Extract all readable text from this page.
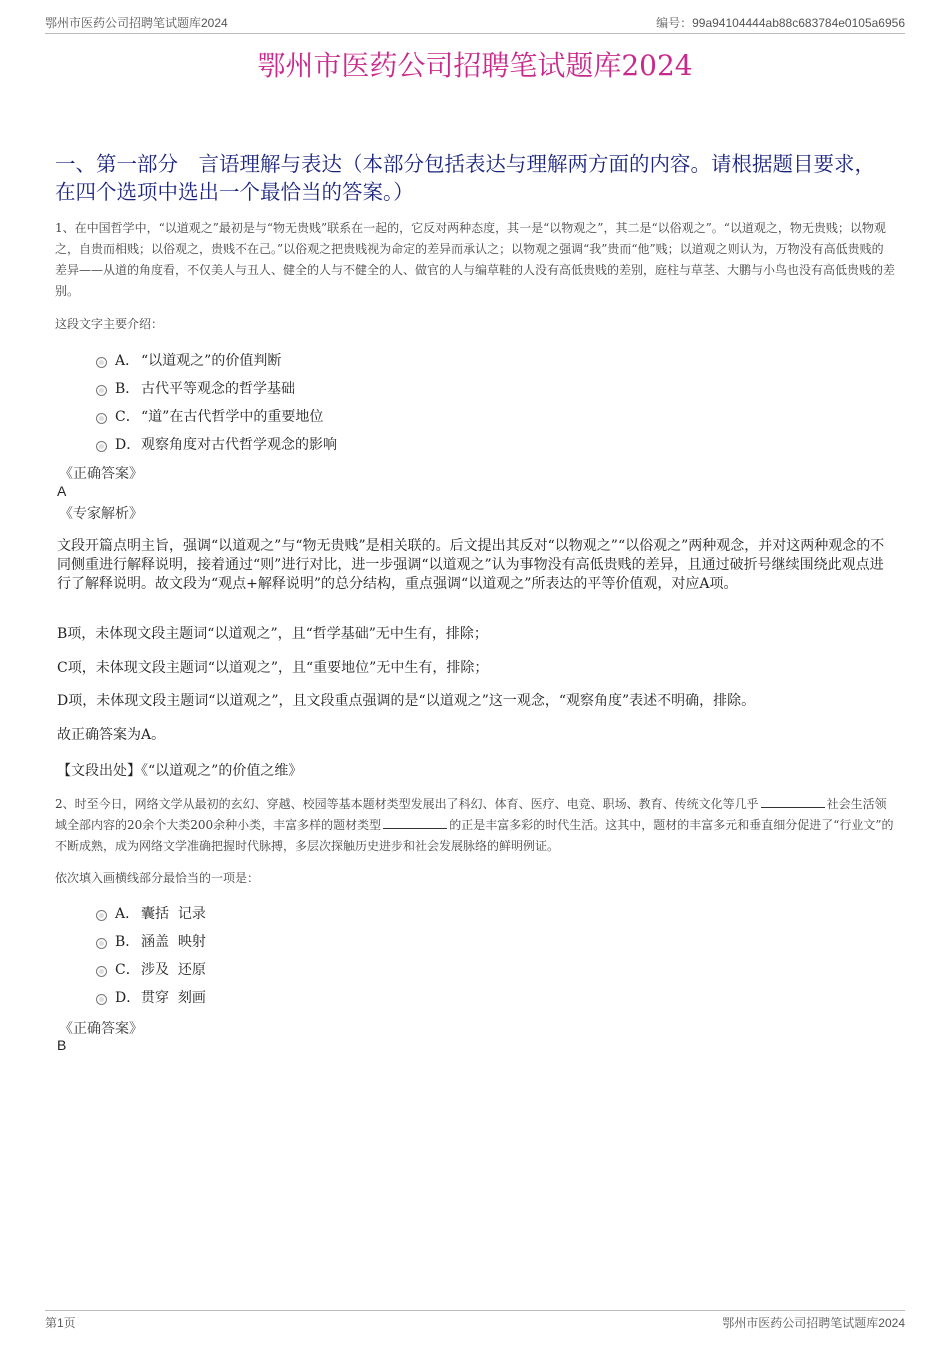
鄂州市医药公司招聘笔试题库2024	编号：99a94104444ab88c683784e0105a6956
鄂州市医药公司招聘笔试题库2024
一、第一部分　言语理解与表达（本部分包括表达与理解两方面的内容。请根据题目要求，在四个选项中选出一个最恰当的答案。）
1、在中国哲学中，“以道观之”最初是与“物无贵贱”联系在一起的，它反对两种态度，其一是“以物观之”，其二是“以俗观之”。“以道观之，物无贵贱；以物观之，自贵而相贱；以俗观之，贵贱不在己。”以俗观之把贵贱视为命定的差异而承认之；以物观之强调“我”贵而“他”贱；以道观之则认为，万物没有高低贵贱的差异——从道的角度看，不仅美人与丑人、健全的人与不健全的人、做官的人与编草鞋的人没有高低贵贱的差别，庭柱与草茎、大鹏与小鸟也没有高低贵贱的差别。
这段文字主要介绍：
A． “以道观之”的价值判断
B． 古代平等观念的哲学基础
C． “道”在古代哲学中的重要地位
D． 观察角度对古代哲学观念的影响
《正确答案》
A
《专家解析》
文段开篇点明主旨，强调“以道观之”与“物无贵贱”是相关联的。后文提出其反对“以物观之”“以俗观之”两种观念，并对这两种观念的不同侧重进行解释说明，接着通过“则”进行对比，进一步强调“以道观之”认为事物没有高低贵贱的差异，且通过破折号继续围绕此观点进行了解释说明。故文段为“观点+解释说明”的总分结构，重点强调“以道观之”所表达的平等价值观，对应A项。
B项，未体现文段主题词“以道观之”，且“哲学基础”无中生有，排除；
C项，未体现文段主题词“以道观之”，且“重要地位”无中生有，排除；
D项，未体现文段主题词“以道观之”，且文段重点强调的是“以道观之”这一观念，“观察角度”表述不明确，排除。
故正确答案为A。
【文段出处】《“以道观之”的价值之维》
2、时至今日，网络文学从最初的玄幻、穿越、校园等基本题材类型发展出了科幻、体育、医疗、电竞、职场、教育、传统文化等几乎	社会生活领域全部内容的20余个大类200余种小类，丰富多样的题材类型	的正是丰富多彩的时代生活。这其中，题材的丰富多元和垂直细分促进了“行业文”的不断成熟，成为网络文学准确把握时代脉搏，多层次探触历史进步和社会发展脉络的鲜明例证。
依次填入画横线部分最恰当的一项是：
A． 囊括  记录
B． 涵盖  映射
C． 涉及  还原
D． 贯穿  刻画
《正确答案》
B
第1页	鄂州市医药公司招聘笔试题库2024
